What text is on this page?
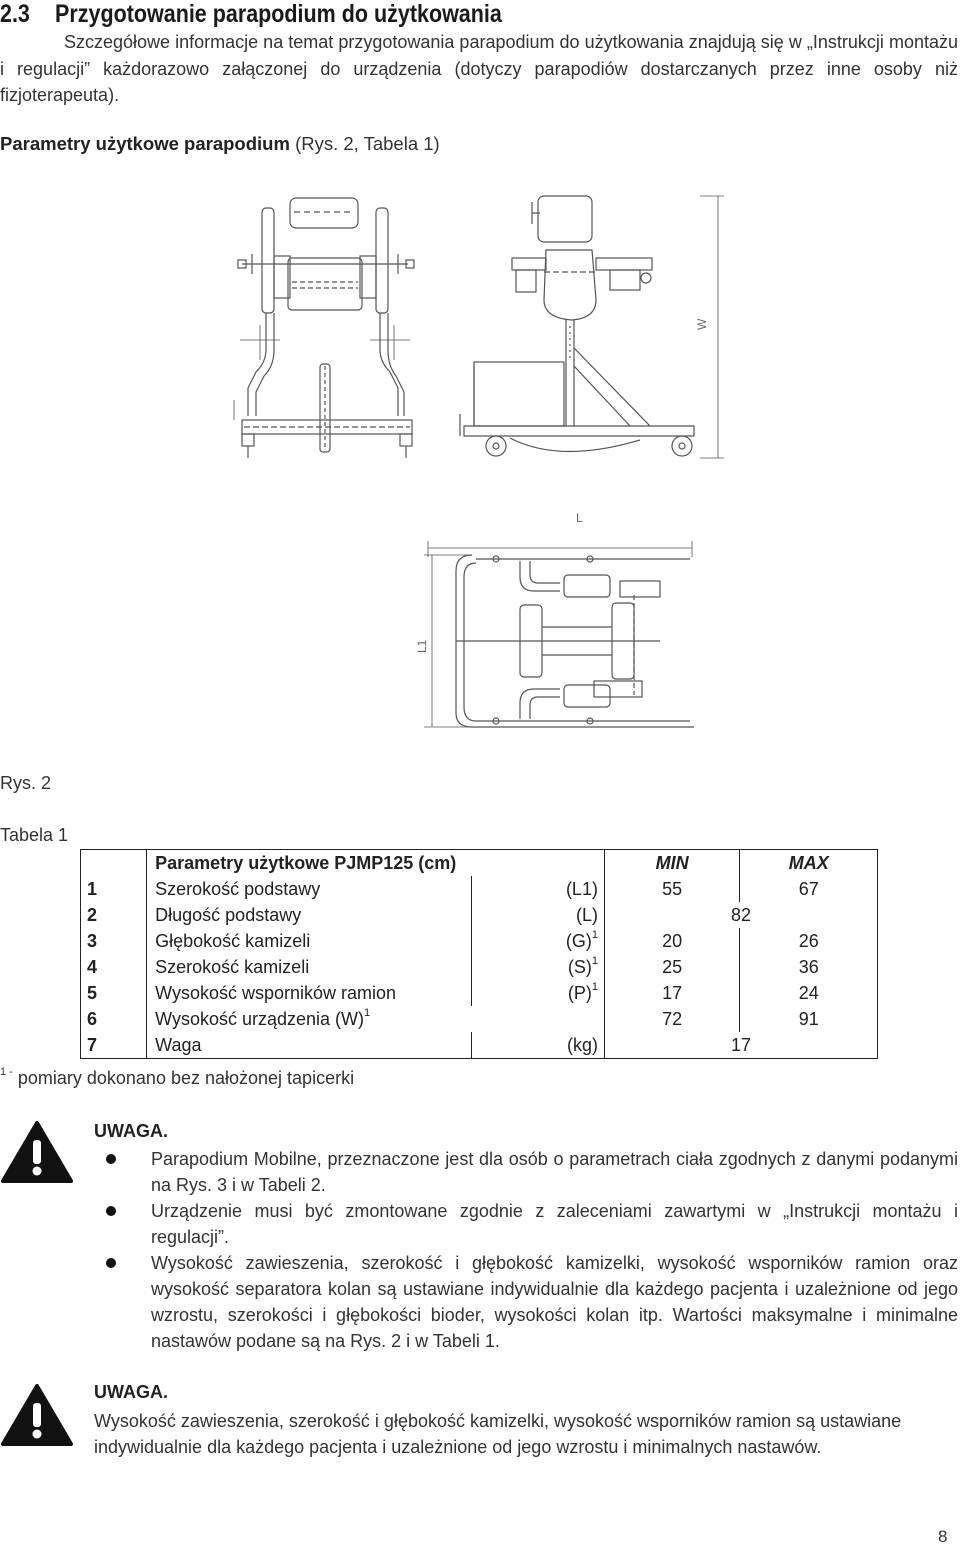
2.3 Przygotowanie parapodium do użytkowania
Szczegółowe informacje na temat przygotowania parapodium do użytkowania znajdują się w „Instrukcji montażu i regulacji” każdorazowo załączonej do urządzenia (dotyczy parapodiów dostarczanych przez inne osoby niż fizjoterapeuta).
Parametry użytkowe parapodium (Rys. 2, Tabela 1)
W
L
L1
Rys. 2
Tabela 1
	Parametry użytkowe PJMP125 (cm)		MIN	MAX
1	Szerokość podstawy	(L1)	55	67
2	Długość podstawy	(L)	82	
3	Głębokość kamizeli	$(G)^1$	20	26
4	Szerokość kamizeli	$(S)^1$	25	36
5	Wysokość wsporników ramion	$(P)^1$	17	24
6	Wysokość urządzenia $(W)^1$		72	91
7	Waga	(kg)	17	
$^{1 -}$ pomiary dokonano bez nałożonej tapicerki
UWAGA.
Parapodium Mobilne, przeznaczone jest dla osób o parametrach ciała zgodnych z danymi podanymi na Rys. 3 i w Tabeli 2.
Urządzenie musi być zmontowane zgodnie z zaleceniami zawartymi w „Instrukcji montażu i regulacji”.
Wysokość zawieszenia, szerokość i głębokość kamizelki, wysokość wsporników ramion oraz wysokość separatora kolan są ustawiane indywidualnie dla każdego pacjenta i uzależnione od jego wzrostu, szerokości i głębokości bioder, wysokości kolan itp. Wartości maksymalne i minimalne nastawów podane są na Rys. 2 i w Tabeli 1.
UWAGA.
Wysokość zawieszenia, szerokość i głębokość kamizelki, wysokość wsporników ramion są ustawiane indywidualnie dla każdego pacjenta i uzależnione od jego wzrostu i minimalnych nastawów.
8
